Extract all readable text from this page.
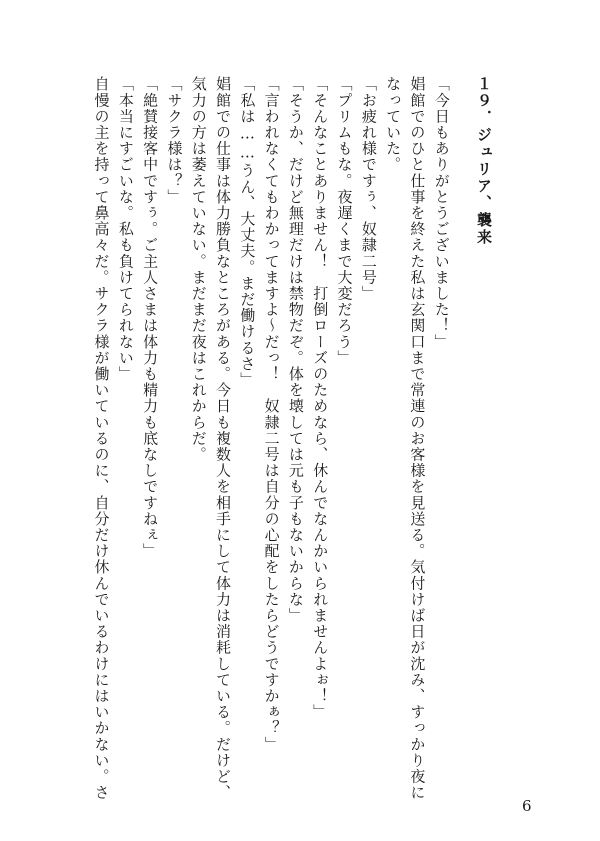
１９．ジュリア、襲来
「今日もありがとうございました！」
娼館でのひと仕事を終えた私は玄関口まで常連のお客様を見送る。気付けば日が沈み、すっかり夜に
なっていた。
「お疲れ様ですぅ、奴隷二号」
「プリムもな。夜遅くまで大変だろう」
「そんなことありません！　打倒ローズのためなら、休んでなんかいられませんよぉ！」
「そうか、だけど無理だけは禁物だぞ。体を壊しては元も子もないからな」
「言われなくてもわかってますよ〜だっ！　奴隷二号は自分の心配をしたらどうですかぁ？」
「私は……うん、大丈夫。まだ働けるさ」
娼館での仕事は体力勝負なところがある。今日も複数人を相手にして体力は消耗している。だけど、
気力の方は萎えていない。まだまだ夜はこれからだ。
「サクラ様は？」
「絶賛接客中ですぅ。ご主人さまは体力も精力も底なしですねぇ」
「本当にすごいな。私も負けてられない」
自慢の主を持って鼻高々だ。サクラ様が働いているのに、自分だけ休んでいるわけにはいかない。さ
6
